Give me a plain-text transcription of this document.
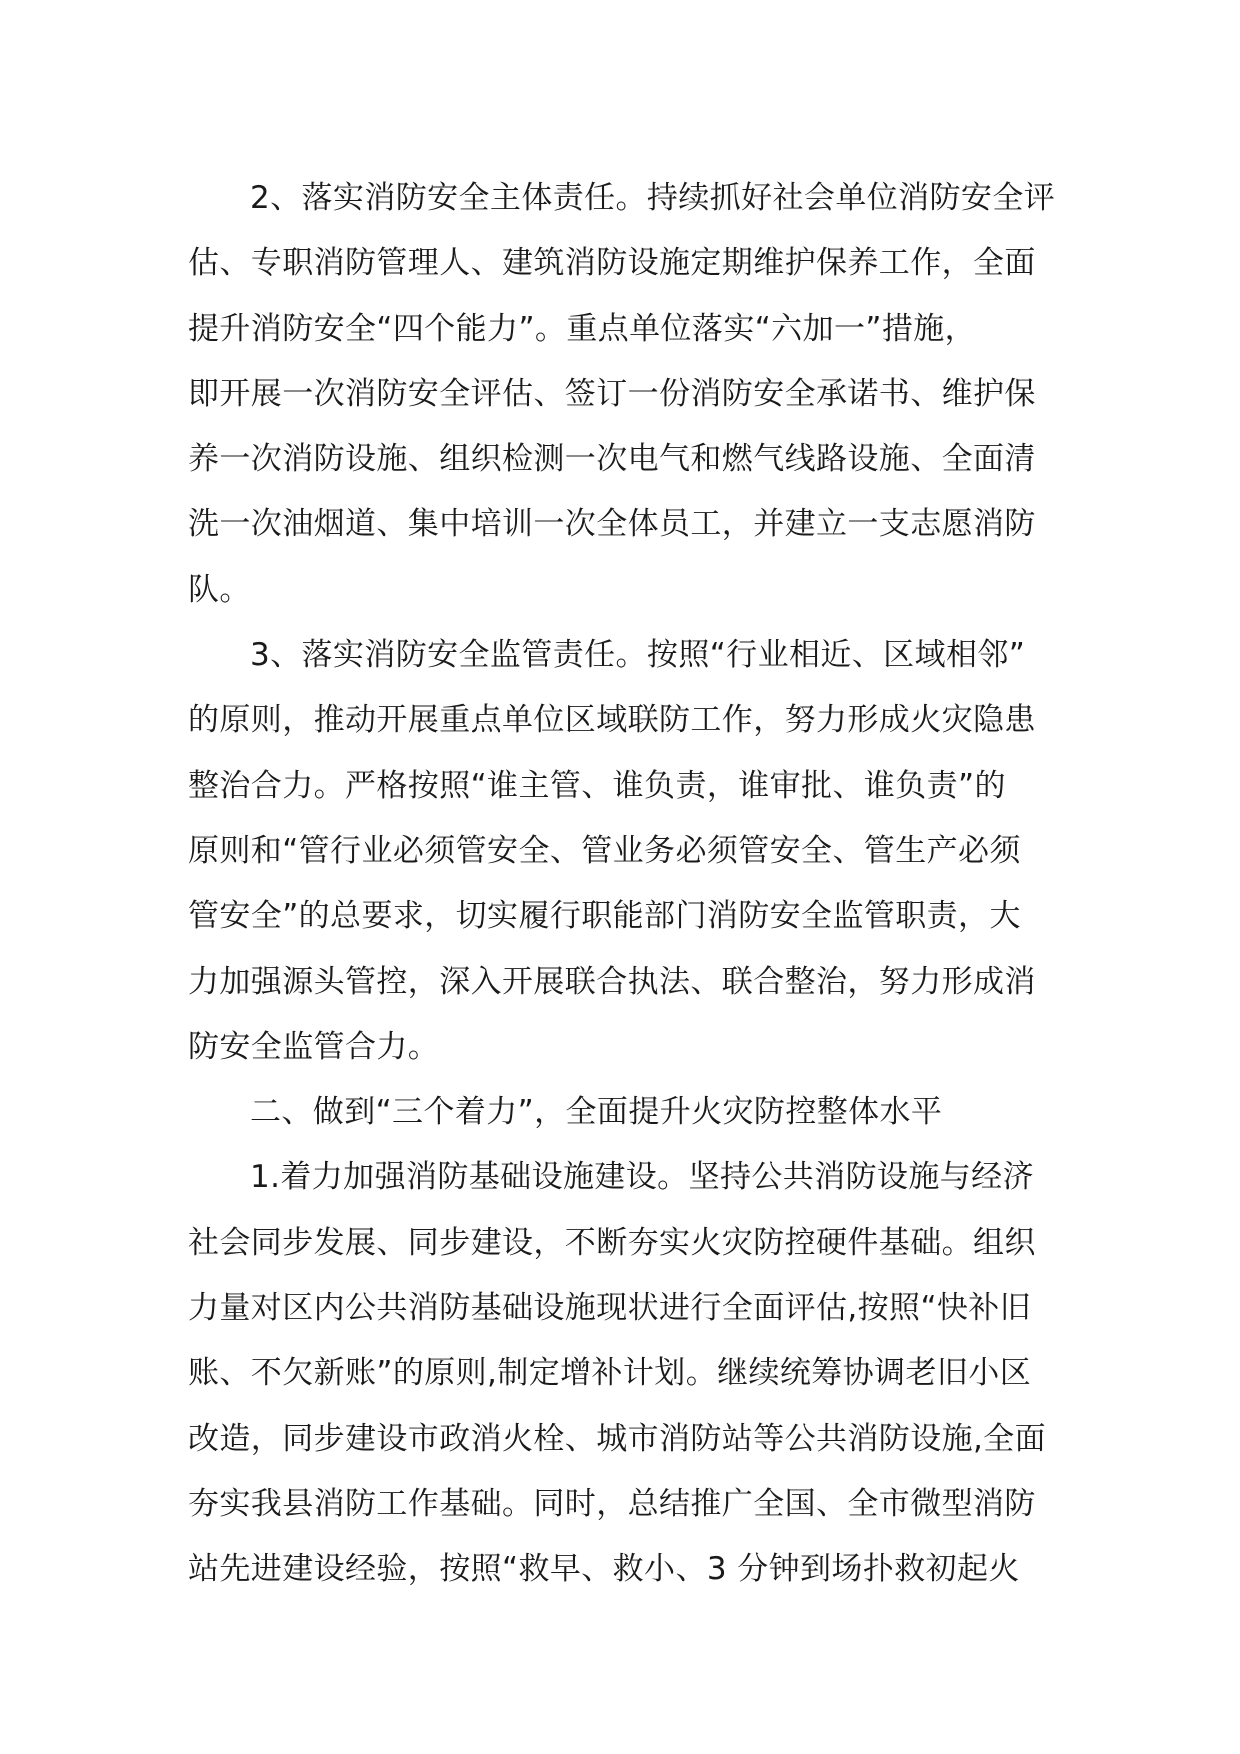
2、落实消防安全主体责任。持续抓好社会单位消防安全评
估、专职消防管理人、建筑消防设施定期维护保养工作，全面
提升消防安全“四个能力”。重点单位落实“六加一”措施，
即开展一次消防安全评估、签订一份消防安全承诺书、维护保
养一次消防设施、组织检测一次电气和燃气线路设施、全面清
洗一次油烟道、集中培训一次全体员工，并建立一支志愿消防
队。
3、落实消防安全监管责任。按照“行业相近、区域相邻”
的原则，推动开展重点单位区域联防工作，努力形成火灾隐患
整治合力。严格按照“谁主管、谁负责，谁审批、谁负责”的
原则和“管行业必须管安全、管业务必须管安全、管生产必须
管安全”的总要求，切实履行职能部门消防安全监管职责，大
力加强源头管控，深入开展联合执法、联合整治，努力形成消
防安全监管合力。
二、做到“三个着力”，全面提升火灾防控整体水平
1.着力加强消防基础设施建设。坚持公共消防设施与经济
社会同步发展、同步建设，不断夯实火灾防控硬件基础。组织
力量对区内公共消防基础设施现状进行全面评估,按照“快补旧
账、不欠新账”的原则,制定增补计划。继续统筹协调老旧小区
改造，同步建设市政消火栓、城市消防站等公共消防设施,全面
夯实我县消防工作基础。同时，总结推广全国、全市微型消防
站先进建设经验，按照“救早、救小、3 分钟到场扑救初起火
